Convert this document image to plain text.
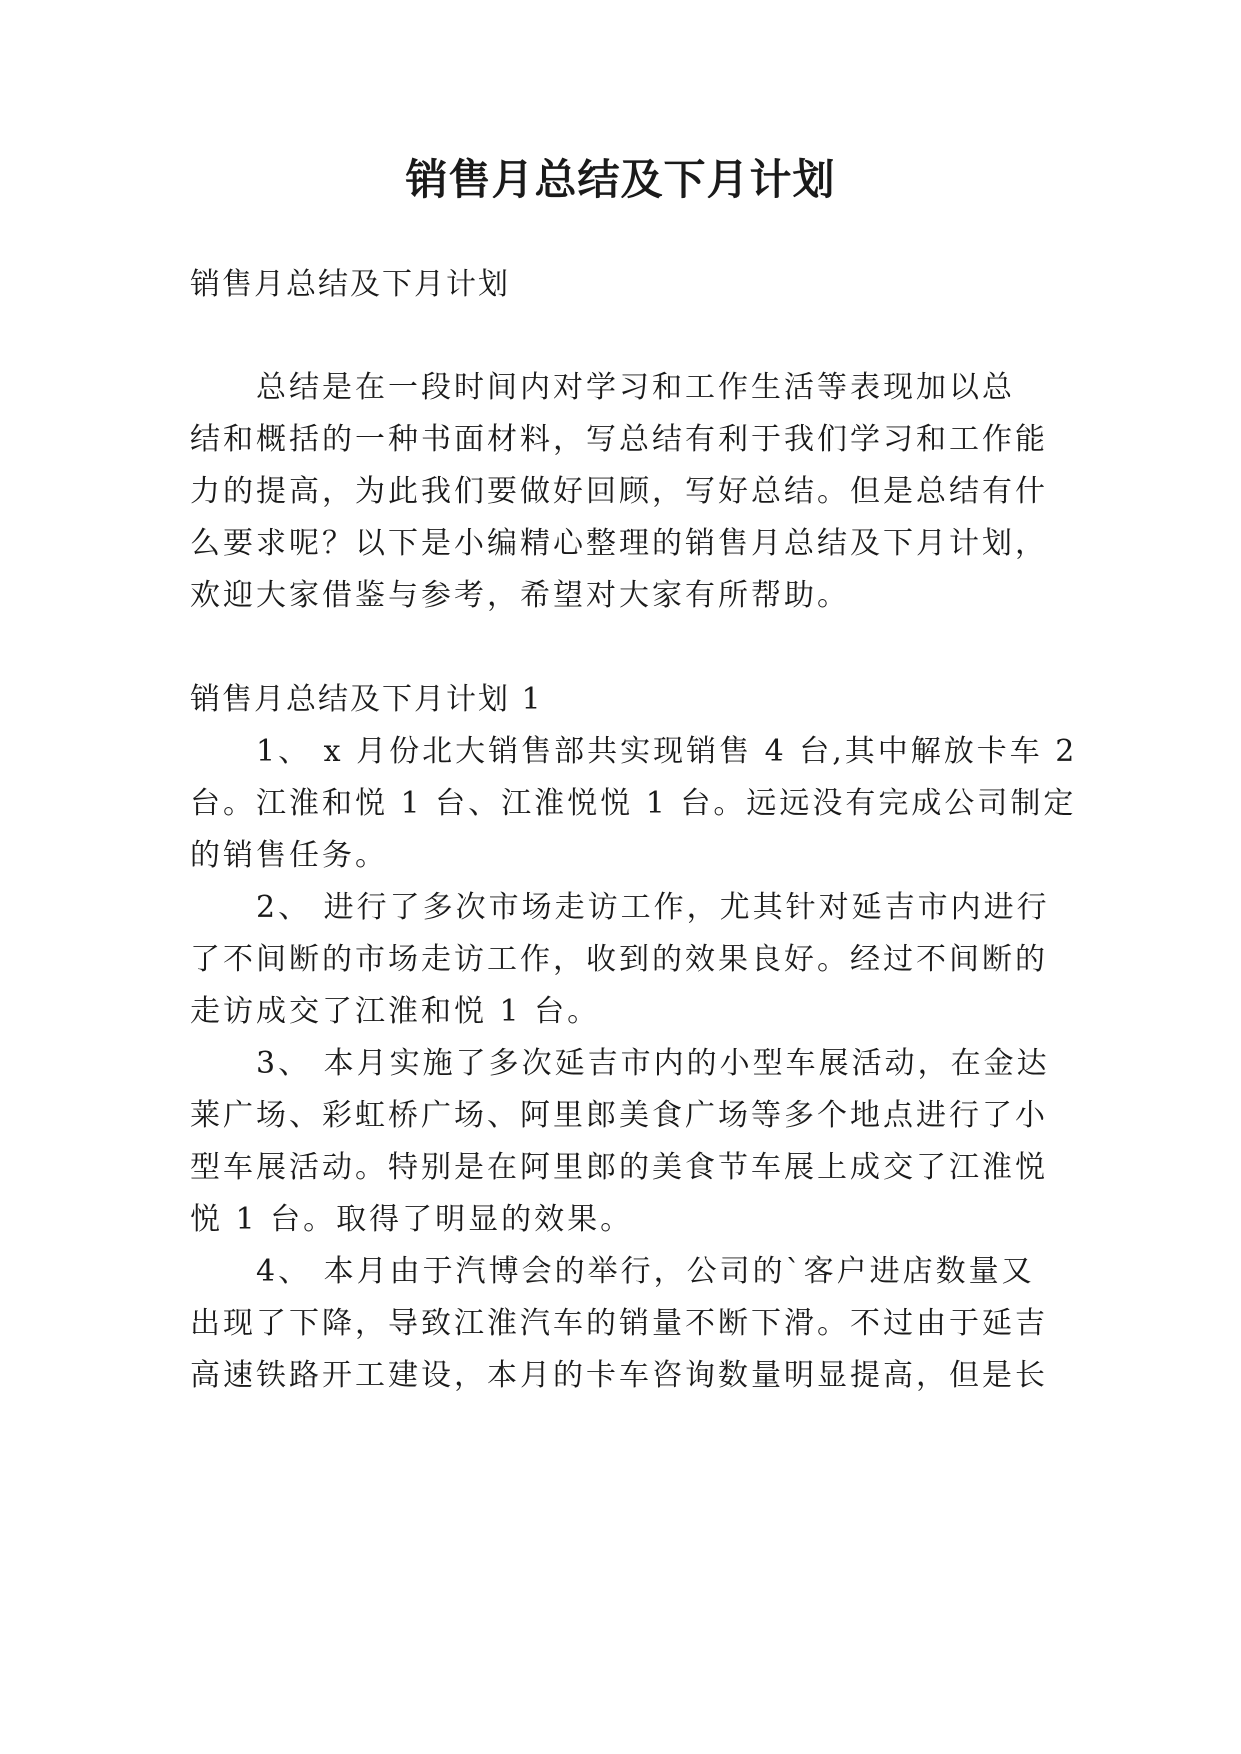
销售月总结及下月计划

销售月总结及下月计划

　　总结是在一段时间内对学习和工作生活等表现加以总

结和概括的一种书面材料，写总结有利于我们学习和工作能

力的提高，为此我们要做好回顾，写好总结。但是总结有什

么要求呢？以下是小编精心整理的销售月总结及下月计划，

欢迎大家借鉴与参考，希望对大家有所帮助。

销售月总结及下月计划 1

　　1、 x 月份北大销售部共实现销售 4 台,其中解放卡车 2

台。江淮和悦 1 台、江淮悦悦 1 台。远远没有完成公司制定

的销售任务。

　　2、 进行了多次市场走访工作，尤其针对延吉市内进行

了不间断的市场走访工作，收到的效果良好。经过不间断的

走访成交了江淮和悦 1 台。

　　3、 本月实施了多次延吉市内的小型车展活动，在金达

莱广场、彩虹桥广场、阿里郎美食广场等多个地点进行了小

型车展活动。特别是在阿里郎的美食节车展上成交了江淮悦

悦 1 台。取得了明显的效果。

　　4、 本月由于汽博会的举行，公司的`客户进店数量又

出现了下降，导致江淮汽车的销量不断下滑。不过由于延吉

高速铁路开工建设，本月的卡车咨询数量明显提高，但是长
